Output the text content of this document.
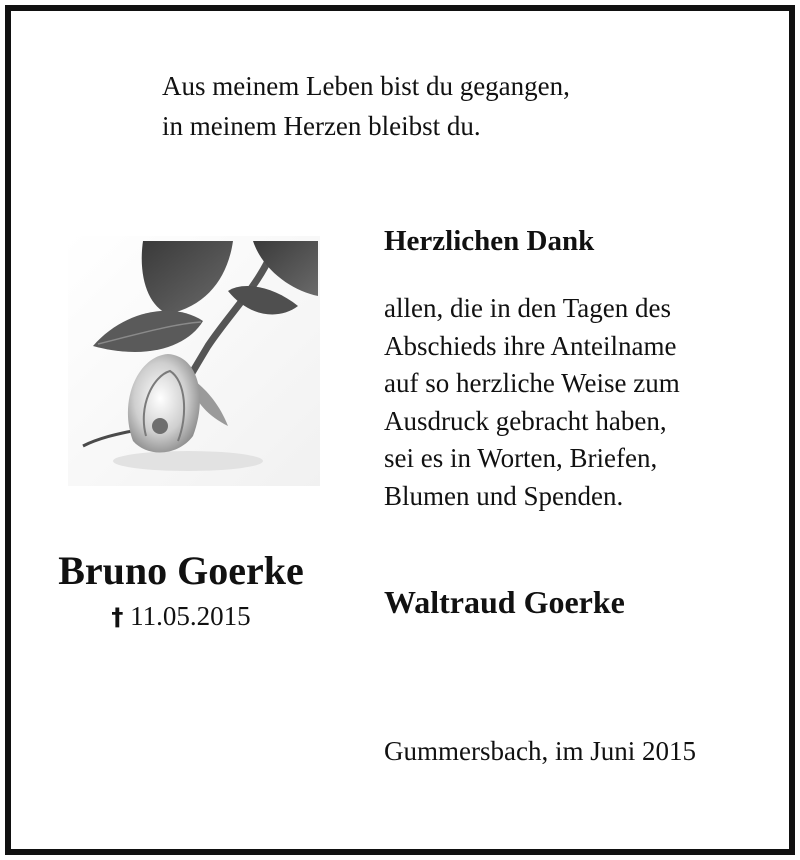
Aus meinem Leben bist du gegangen,
in meinem Herzen bleibst du.
Bruno Goerke
† 11.05.2015
Herzlichen Dank
allen, die in den Tagen des
Abschieds ihre Anteilname
auf so herzliche Weise zum
Ausdruck gebracht haben,
sei es in Worten, Briefen,
Blumen und Spenden.
Waltraud Goerke
Gummersbach, im Juni 2015
